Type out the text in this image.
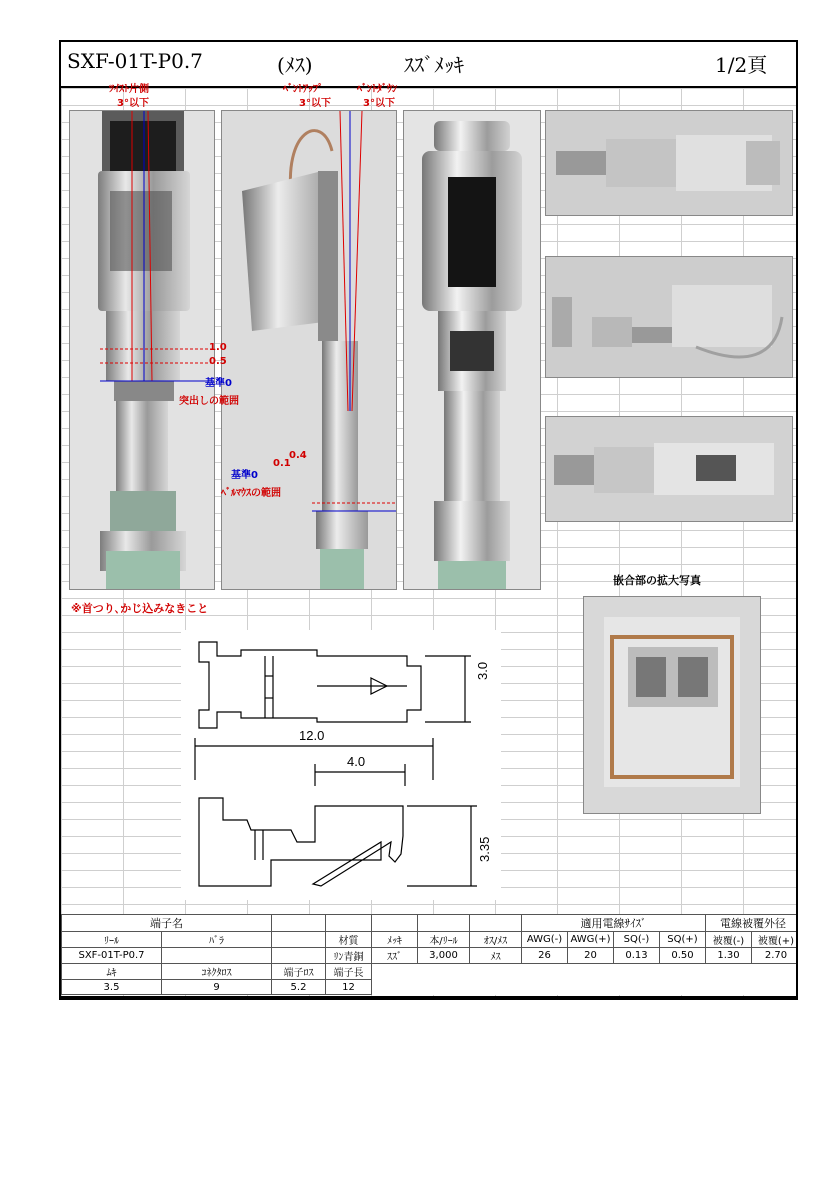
SXF-01T-P0.7	(ﾒｽ)	ｽｽﾞﾒｯｷ	1/2頁
ﾂｲｽﾄ片側
3°以下
ﾍﾞﾝﾄｱｯﾌﾟ
3°以下
ﾍﾞﾝﾄﾀﾞｳﾝ
3°以下
1.0
0.5
基準0
突出しの範囲
0.4
0.1
基準0
ﾍﾞﾙﾏｳｽの範囲
※首つり､かじ込みなきこと
嵌合部の拡大写真
3.0
12.0
4.0
3.35
端子名							適用電線ｻｲｽﾞ				電線被覆外径	
ﾘｰﾙ	ﾊﾞﾗ		材質	ﾒｯｷ	本/ﾘｰﾙ	ｵｽ/ﾒｽ	AWG(-)	AWG(+)	SQ(-)	SQ(+)	被覆(-)	被覆(+)
SXF-01T-P0.7			ﾘﾝ青銅	ｽｽﾞ	3,000	ﾒｽ	26	20	0.13	0.50	1.30	2.70
ﾑｷ	ｺﾈｸﾀﾛｽ	端子ﾛｽ	端子長									
3.5	9	5.2	12									
